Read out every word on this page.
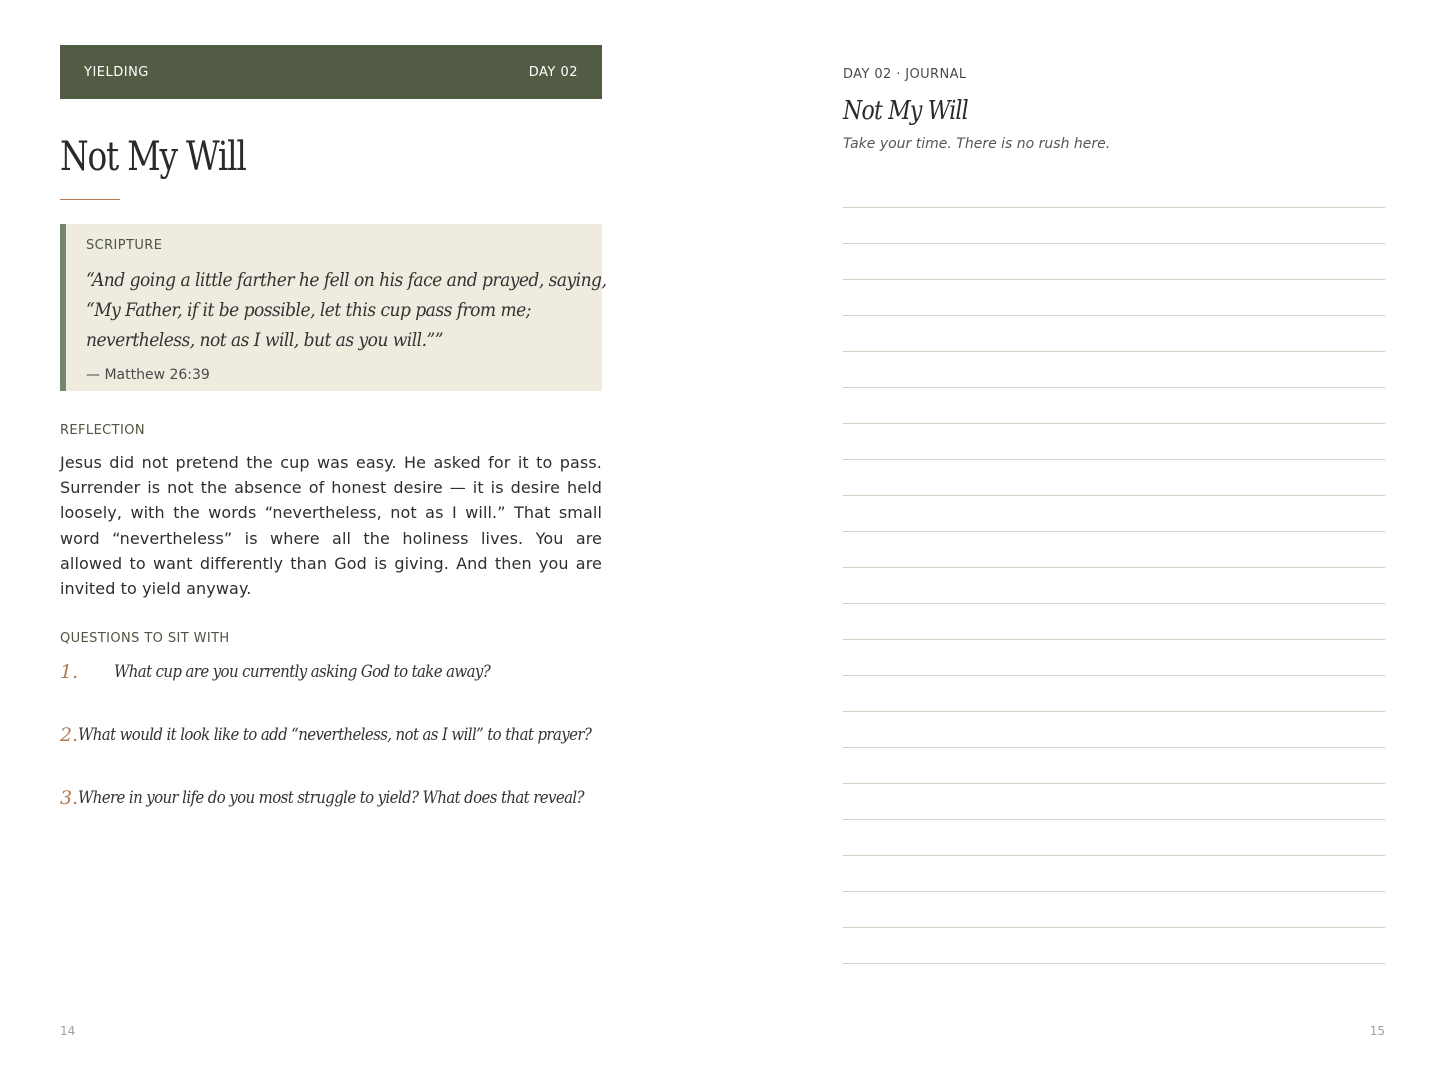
YIELDING	DAY 02
Not My Will
SCRIPTURE
“And going a little farther he fell on his face and prayed, saying,
“My Father, if it be possible, let this cup pass from me;
nevertheless, not as I will, but as you will.””
— Matthew 26:39
REFLECTION
Jesus did not pretend the cup was easy. He asked for it to pass. Surrender is not the absence of honest desire — it is desire held loosely, with the words “nevertheless, not as I will.” That small word “nevertheless” is where all the holiness lives. You are allowed to want differently than God is giving. And then you are invited to yield anyway.
QUESTIONS TO SIT WITH
1.	What cup are you currently asking God to take away?
2. What would it look like to add “nevertheless, not as I will” to that prayer?
3. Where in your life do you most struggle to yield? What does that reveal?
DAY 02 · JOURNAL
Not My Will
Take your time. There is no rush here.
14	15
